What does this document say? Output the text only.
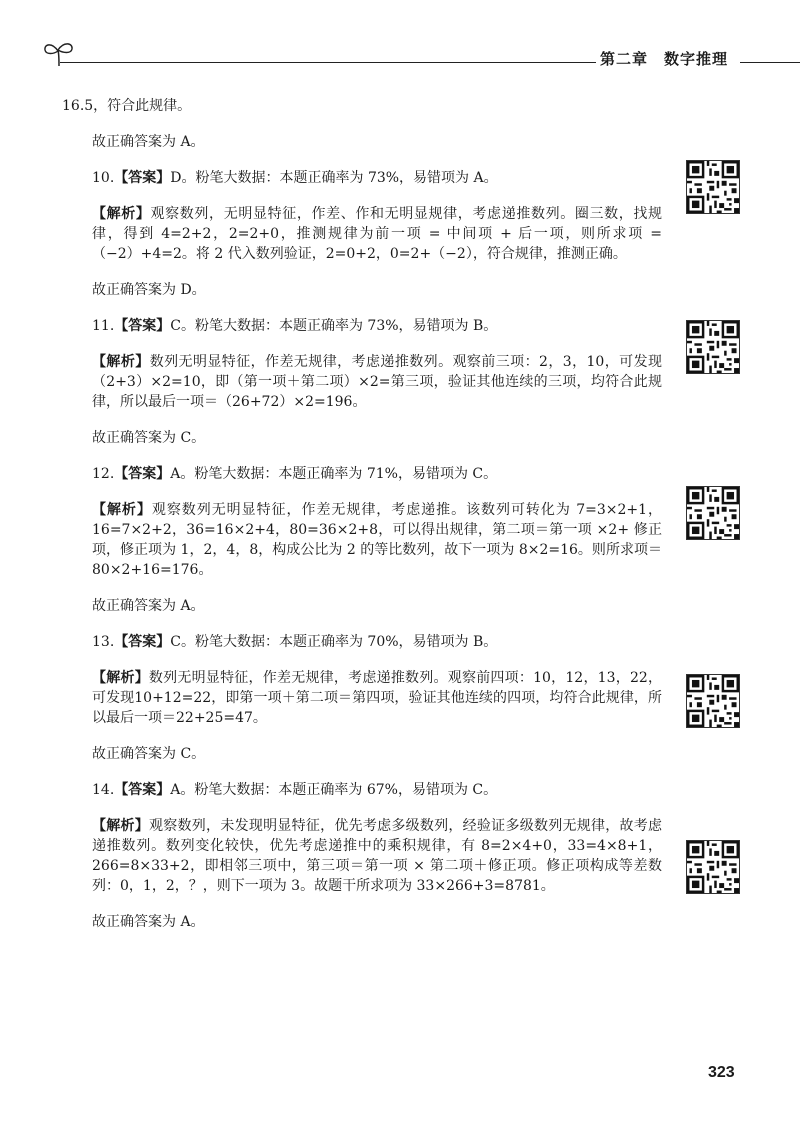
第二章　数字推理

16.5，符合此规律。

故正确答案为 A。

10.【答案】D。粉笔大数据：本题正确率为 73%，易错项为 A。

【解析】观察数列，无明显特征，作差、作和无明显规律，考虑递推数列。圈三数，找规律，得到 4=2+2，2=2+0，推测规律为前一项 = 中间项 + 后一项，则所求项 =（−2）+4=2。将 2 代入数列验证，2=0+2，0=2+（−2），符合规律，推测正确。

故正确答案为 D。

11.【答案】C。粉笔大数据：本题正确率为 73%，易错项为 B。

【解析】数列无明显特征，作差无规律，考虑递推数列。观察前三项：2，3，10，可发现（2+3）×2=10，即（第一项＋第二项）×2=第三项，验证其他连续的三项，均符合此规律，所以最后一项＝（26+72）×2=196。

故正确答案为 C。

12.【答案】A。粉笔大数据：本题正确率为 71%，易错项为 C。

【解析】观察数列无明显特征，作差无规律，考虑递推。该数列可转化为 7=3×2+1，16=7×2+2，36=16×2+4，80=36×2+8，可以得出规律，第二项＝第一项 ×2+ 修正项，修正项为 1，2，4，8，构成公比为 2 的等比数列，故下一项为 8×2=16。则所求项＝80×2+16=176。

故正确答案为 A。

13.【答案】C。粉笔大数据：本题正确率为 70%，易错项为 B。

【解析】数列无明显特征，作差无规律，考虑递推数列。观察前四项：10，12，13，22，可发现10+12=22，即第一项＋第二项＝第四项，验证其他连续的四项，均符合此规律，所以最后一项＝22+25=47。

故正确答案为 C。

14.【答案】A。粉笔大数据：本题正确率为 67%，易错项为 C。

【解析】观察数列，未发现明显特征，优先考虑多级数列，经验证多级数列无规律，故考虑递推数列。数列变化较快，优先考虑递推中的乘积规律，有 8=2×4+0，33=4×8+1，266=8×33+2，即相邻三项中，第三项＝第一项 × 第二项＋修正项。修正项构成等差数列：0，1，2，？，则下一项为 3。故题干所求项为 33×266+3=8781。

故正确答案为 A。

323
